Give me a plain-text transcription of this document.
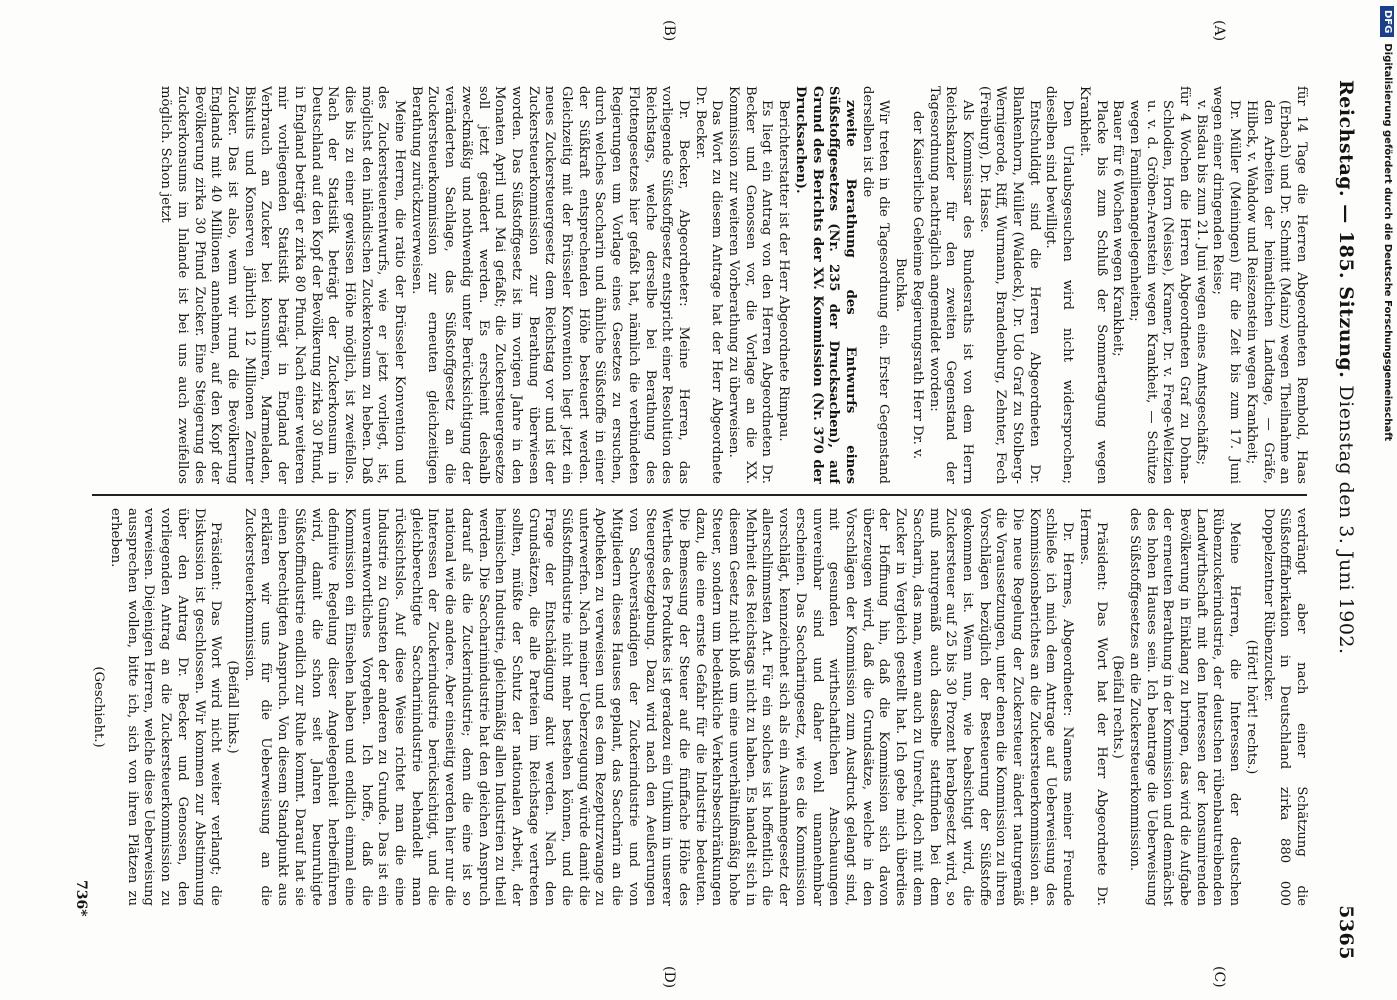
Reichstag. — 185. Sitzung.
Dienstag den 3. Juni 1902.
5365
(A)
(B)
(C)
(D)

für 14 Tage die Herren Abgeordneten Rembold, Haas (Erbach) und Dr. Schmitt (Mainz) wegen Theilnahme an den Arbeiten der heimatlichen Landtage, — Gräfe, Hilbck, v. Wahdow und Reiszenstein wegen Krankheit;

Dr. Müller (Meiningen) für die Zeit bis zum 17. Juni wegen einer dringenden Reise;

v. Bisdau bis zum 21. Juni wegen eines Amtsgeschäfts;

für 4 Wochen die Herren Abgeordneten Graf zu Dohna-Schlodien, Horn (Neisse), Kramer, Dr. v. Frege-Weltzien u. v. d. Gröben-Arenstein wegen Krankheit, — Schütze wegen Familienangelegenheiten;

Bauer für 6 Wochen wegen Krankheit;

Placke bis zum Schluß der Sommertagung wegen Krankheit.

Den Urlaubsgesuchen wird nicht widersprochen; dieselben sind bewilligt.

Entschuldigt sind die Herren Abgeordneten Dr. Blankenhorn, Müller (Waldeck), Dr. Udo Graf zu Stolberg-Wernigerode, Riff, Wurmann, Brandenburg, Zehnter, Fech (Freiburg), Dr. Hasse.

Als Kommissar des Bundesraths ist von dem Herrn Reichskanzler für den zweiten Gegenstand der Tagesordnung nachträglich angemeldet worden:

der Kaiserliche Geheime Regierungsrath Herr Dr. v. Buchka.

Wir treten in die Tagesordnung ein. Erster Gegenstand derselben ist die

zweite Berathung des Entwurfs eines Süßstoffgesetzes (Nr. 235 der Drucksachen), auf Grund des Berichts der XV. Kommission (Nr. 370 der Drucksachen).

Berichterstatter ist der Herr Abgeordnete Rimpau.

Es liegt ein Antrag von den Herren Abgeordneten Dr. Becker und Genossen vor, die Vorlage an die XX. Kommission zur weiteren Vorberathung zu überweisen.

Das Wort zu diesem Antrage hat der Herr Abgeordnete Dr. Becker.

Dr. Becker, Abgeordneter: Meine Herren, das vorliegende Süßstoffgesetz entspricht einer Resolution des Reichstags, welche derselbe bei Berathung des Flottengesetzes hier gefaßt hat, nämlich die verbündeten Regierungen um Vorlage eines Gesetzes zu ersuchen, durch welches Saccharin und ähnliche Süßstoffe in einer der Süßkraft entsprechenden Höhe besteuert werden. Gleichzeitig mit der Brüsseler Konvention liegt jetzt ein neues Zuckersteuergesetz dem Reichstag vor und ist der Zuckersteuerkommission zur Berathung überwiesen worden. Das Süßstoffgesetz ist im vorigen Jahre in den Monaten April und Mai gefaßt; die Zuckersteuergesetze soll jetzt geändert werden. Es erscheint deshalb zweckmäßig und nothwendig unter Berücksichtigung der veränderten Sachlage, das Süßstoffgesetz an die Zuckersteuerkommission zur erneuten gleichzeitigen Berathung zurückzuverweisen.

Meine Herren, die ratio der Brüsseler Konvention und des Zuckersteuerentwurfs, wie er jetzt vorliegt, ist, möglichst den inländischen Zuckerkonsum zu heben. Daß dies bis zu einer gewissen Höhe möglich, ist zweifellos. Nach der Statistik beträgt der Zuckerkonsum in Deutschland auf den Kopf der Bevölkerung zirka 30 Pfund, in England beträgt er zirka 80 Pfund. Nach einer weiteren mir vorliegenden Statistik beträgt in England der Verbrauch an Zucker bei konsumiren, Marmeladen, Biskuits und Konserven jährlich 12 Millionen Zentner Zucker. Das ist also, wenn wir rund die Bevölkerung Englands mit 40 Millionen annehmen, auf den Kopf der Bevölkerung zirka 30 Pfund Zucker. Eine Steigerung des Zuckerkonsums im Inlande ist bei uns auch zweifellos möglich. Schon jetzt

verdrängt aber nach einer Schätzung die Süßstofffabrikation in Deutschland zirka 880 000 Doppelzentner Rübenzucker.

(Hört! hört! rechts.)

Meine Herren, die Interessen der deutschen Rübenzuckerindustrie, der deutschen rübenbautreibenden Landwirthschaft mit den Interessen der konsumirenden Bevölkerung in Einklang zu bringen, das wird die Aufgabe der erneuten Berathung in der Kommission und demnächst des hohen Hauses sein. Ich beantrage die Ueberweisung des Süßstoffgesetzes an die Zuckersteuerkommission.

(Beifall rechts.)

Präsident: Das Wort hat der Herr Abgeordnete Dr. Hermes.

Dr. Hermes, Abgeordneter: Namens meiner Freunde schließe ich mich dem Antrage auf Ueberweisung des Kommissionsberichtes an die Zuckersteuerkommission an. Die neue Regelung der Zuckersteuer ändert naturgemäß die Voraussetzungen, unter denen die Kommission zu ihren Vorschlägen bezüglich der Besteuerung der Süßstoffe gekommen ist. Wenn nun, wie beabsichtigt wird, die Zuckersteuer auf 25 bis 30 Prozent herabgesetzt wird, so muß naturgemäß auch dasselbe stattfinden bei dem Saccharin, das man, wenn auch zu Unrecht, doch mit dem Zucker in Vergleich gestellt hat. Ich gebe mich überdies der Hoffnung hin, daß die Kommission sich davon überzeugen wird, daß die Grundsätze, welche in den Vorschlägen der Kommission zum Ausdruck gelangt sind, mit gesunden wirthschaftlichen Anschauungen unvereinbar sind und daher wohl unannehmbar erscheinen. Das Saccharingesetz, wie es die Kommission vorschlägt, kennzeichnet sich als ein Ausnahmegesetz der allerschlimmsten Art. Für ein solches ist hoffentlich die Mehrheit des Reichstags nicht zu haben. Es handelt sich in diesem Gesetz nicht bloß um eine unverhältnißmäßig hohe Steuer, sondern um bedenkliche Verkehrsbeschränkungen dazu, die eine ernste Gefahr für die Industrie bedeuten. Die Bemessung der Steuer auf die fünffache Höhe des Werthes des Produktes ist geradezu ein Unikum in unserer Steuergesetzgebung. Dazu wird nach den Aeußerungen von Sachverständigen der Zuckerindustrie und von Mitgliedern dieses Hauses geplant, das Saccharin an die Apotheken zu verweisen und es dem Rezepturzwange zu unterwerfen. Nach meiner Ueberzeugung würde damit die Süßstoffindustrie nicht mehr bestehen können, und die Frage der Entschädigung akut werden. Nach den Grundsätzen, die alle Parteien im Reichstage vertreten sollten, müßte der Schutz der nationalen Arbeit, der heimischen Industrie, gleichmäßig allen Industrien zu theil werden. Die Saccharinindustrie hat den gleichen Anspruch darauf als die Zuckerindustrie; denn die eine ist so national wie die andere. Aber einseitig werden hier nur die Interessen der Zuckerindustrie berücksichtigt, und die gleichberechtigte Saccharinindustrie behandelt man rücksichtslos. Auf diese Weise richtet man die eine Industrie zu Gunsten der anderen zu Grunde. Das ist ein unverantwortliches Vorgehen. Ich hoffe, daß die Kommission ein Einsehen haben und endlich einmal eine definitive Regelung dieser Angelegenheit herbeiführen wird, damit die schon seit Jahren beunruhigte Süßstoffindustrie endlich zur Ruhe kommt. Darauf hat sie einen berechtigten Anspruch. Von diesem Standpunkt aus erklären wir uns für die Ueberweisung an die Zuckersteuerkommission.

(Beifall links.)

Präsident: Das Wort wird nicht weiter verlangt; die Diskussion ist geschlossen. Wir kommen zur Abstimmung über den Antrag Dr. Becker und Genossen, den vorliegenden Antrag an die Zuckersteuerkommission zu verweisen. Diejenigen Herren, welche diese Ueberweisung aussprechen wollen, bitte ich, sich von ihren Plätzen zu erheben.

(Geschieht.)

736*
DFG
Digitalisierung gefördert durch die Deutsche Forschungsgemeinschaft
